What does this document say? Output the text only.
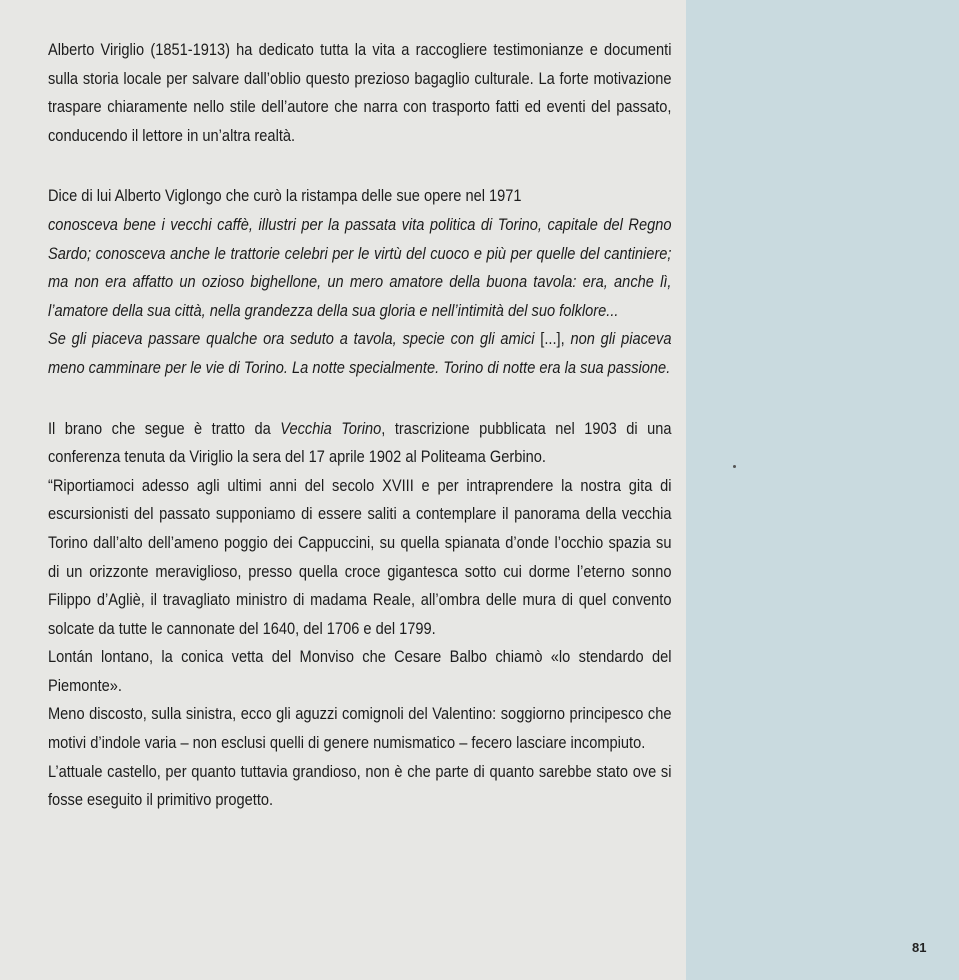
Alberto Viriglio (1851-1913) ha dedicato tutta la vita a raccogliere testimonianze e documenti sulla storia locale per salvare dall’oblio questo prezioso bagaglio culturale. La forte motivazione traspare chiaramente nello stile dell’autore che narra con trasporto fatti ed eventi del passato, conducendo il lettore in un’altra realtà.

Dice di lui Alberto Viglongo che curò la ristampa delle sue opere nel 1971
conosceva bene i vecchi caffè, illustri per la passata vita politica di Torino, capitale del Regno Sardo; conosceva anche le trattorie celebri per le virtù del cuoco e più per quelle del cantiniere; ma non era affatto un ozioso bighellone, un mero amatore della buona tavola: era, anche lì, l’amatore della sua città, nella grandezza della sua gloria e nell’intimità del suo folklore...
Se gli piaceva passare qualche ora seduto a tavola, specie con gli amici [...], non gli piaceva meno camminare per le vie di Torino. La notte specialmente. Torino di notte era la sua passione.

Il brano che segue è tratto da Vecchia Torino, trascrizione pubblicata nel 1903 di una conferenza tenuta da Viriglio la sera del 17 aprile 1902 al Politeama Gerbino.

“Riportiamoci adesso agli ultimi anni del secolo XVIII e per intraprendere la nostra gita di escursionisti del passato supponiamo di essere saliti a contemplare il panorama della vecchia Torino dall’alto dell’ameno poggio dei Cappuccini, su quella spianata d’onde l’occhio spazia su di un orizzonte meraviglioso, presso quella croce gigantesca sotto cui dorme l’eterno sonno Filippo d’Agliè, il travagliato ministro di madama Reale, all’ombra delle mura di quel convento solcate da tutte le cannonate del 1640, del 1706 e del 1799.

Lontán lontano, la conica vetta del Monviso che Cesare Balbo chiamò «lo stendardo del Piemonte».

Meno discosto, sulla sinistra, ecco gli aguzzi comignoli del Valentino: soggiorno principesco che motivi d’indole varia – non esclusi quelli di genere numismatico – fecero lasciare incompiuto.

L’attuale castello, per quanto tuttavia grandioso, non è che parte di quanto sarebbe stato ove si fosse eseguito il primitivo progetto.

81
